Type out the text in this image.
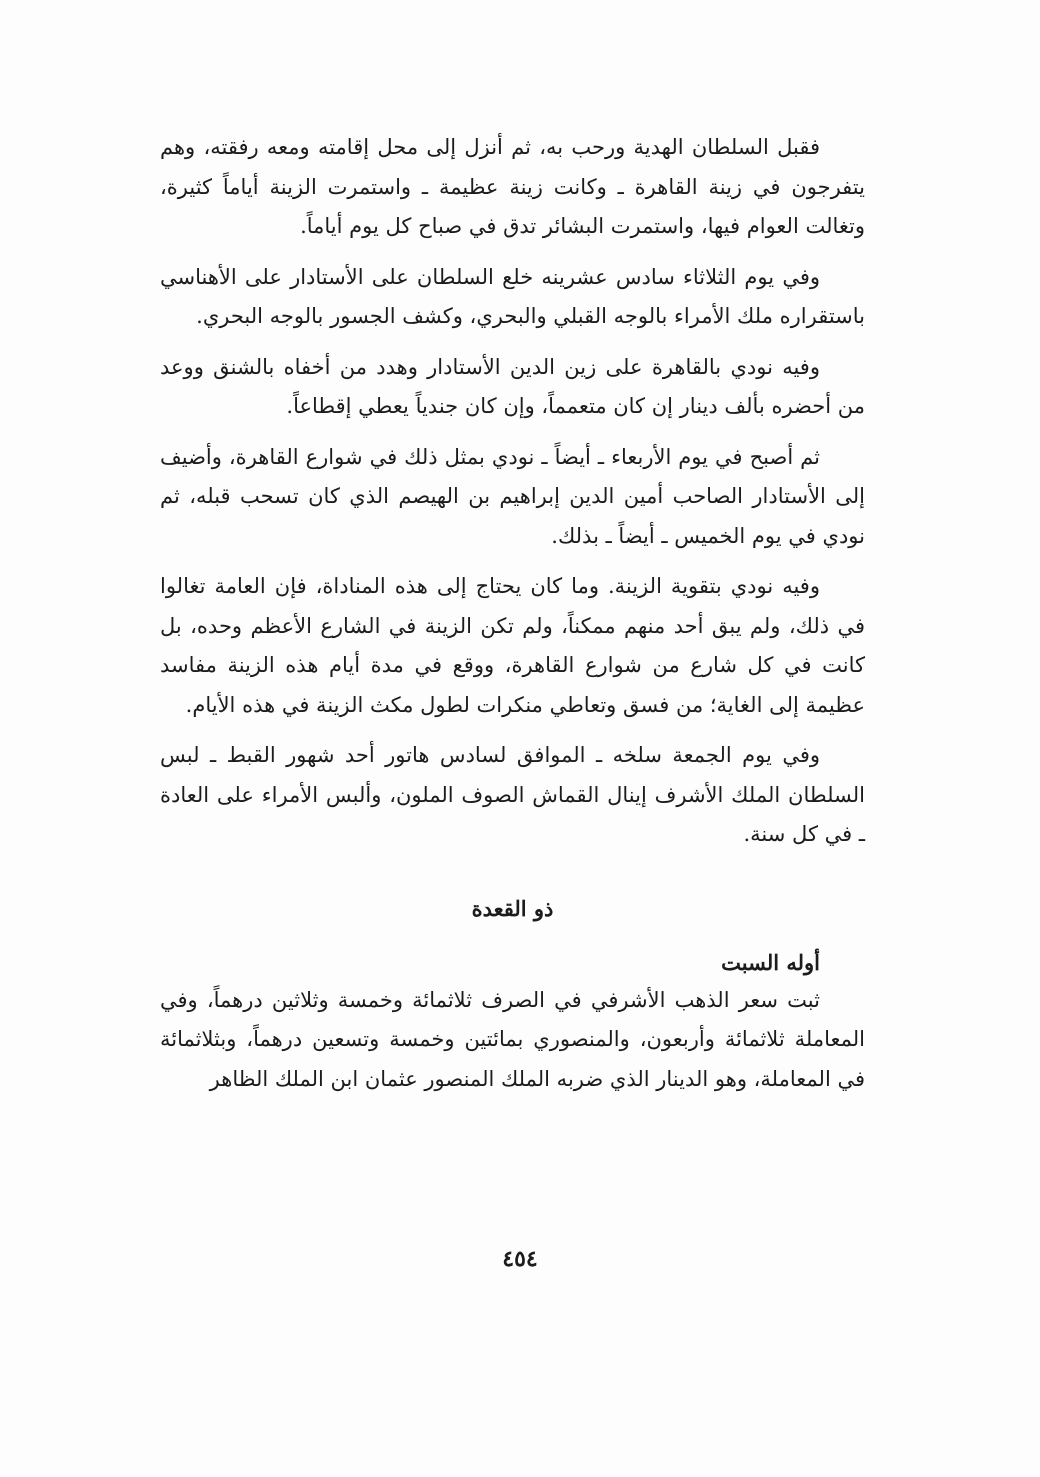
فقبل السلطان الهدية ورحب به، ثم أنزل إلى محل إقامته ومعه رفقته، وهم يتفرجون في زينة القاهرة ـ وكانت زينة عظيمة ـ واستمرت الزينة أياماً كثيرة، وتغالت العوام فيها، واستمرت البشائر تدق في صباح كل يوم أياماً.

وفي يوم الثلاثاء سادس عشرينه خلع السلطان على الأستادار على الأهناسي باستقراره ملك الأمراء بالوجه القبلي والبحري، وكشف الجسور بالوجه البحري.

وفيه نودي بالقاهرة على زين الدين الأستادار وهدد من أخفاه بالشنق ووعد من أحضره بألف دينار إن كان متعمماً، وإن كان جندياً يعطي إقطاعاً.

ثم أصبح في يوم الأربعاء ـ أيضاً ـ نودي بمثل ذلك في شوارع القاهرة، وأضيف إلى الأستادار الصاحب أمين الدين إبراهيم بن الهيصم الذي كان تسحب قبله، ثم نودي في يوم الخميس ـ أيضاً ـ بذلك.

وفيه نودي بتقوية الزينة. وما كان يحتاج إلى هذه المناداة، فإن العامة تغالوا في ذلك، ولم يبق أحد منهم ممكناً، ولم تكن الزينة في الشارع الأعظم وحده، بل كانت في كل شارع من شوارع القاهرة، ووقع في مدة أيام هذه الزينة مفاسد عظيمة إلى الغاية؛ من فسق وتعاطي منكرات لطول مكث الزينة في هذه الأيام.

وفي يوم الجمعة سلخه ـ الموافق لسادس هاتور أحد شهور القبط ـ لبس السلطان الملك الأشرف إينال القماش الصوف الملون، وألبس الأمراء على العادة ـ في كل سنة.

ذو القعدة
أوله السبت

ثبت سعر الذهب الأشرفي في الصرف ثلاثمائة وخمسة وثلاثين درهماً، وفي المعاملة ثلاثمائة وأربعون، والمنصوري بمائتين وخمسة وتسعين درهماً، وبثلاثمائة في المعاملة، وهو الدينار الذي ضربه الملك المنصور عثمان ابن الملك الظاهر

٤٥٤
